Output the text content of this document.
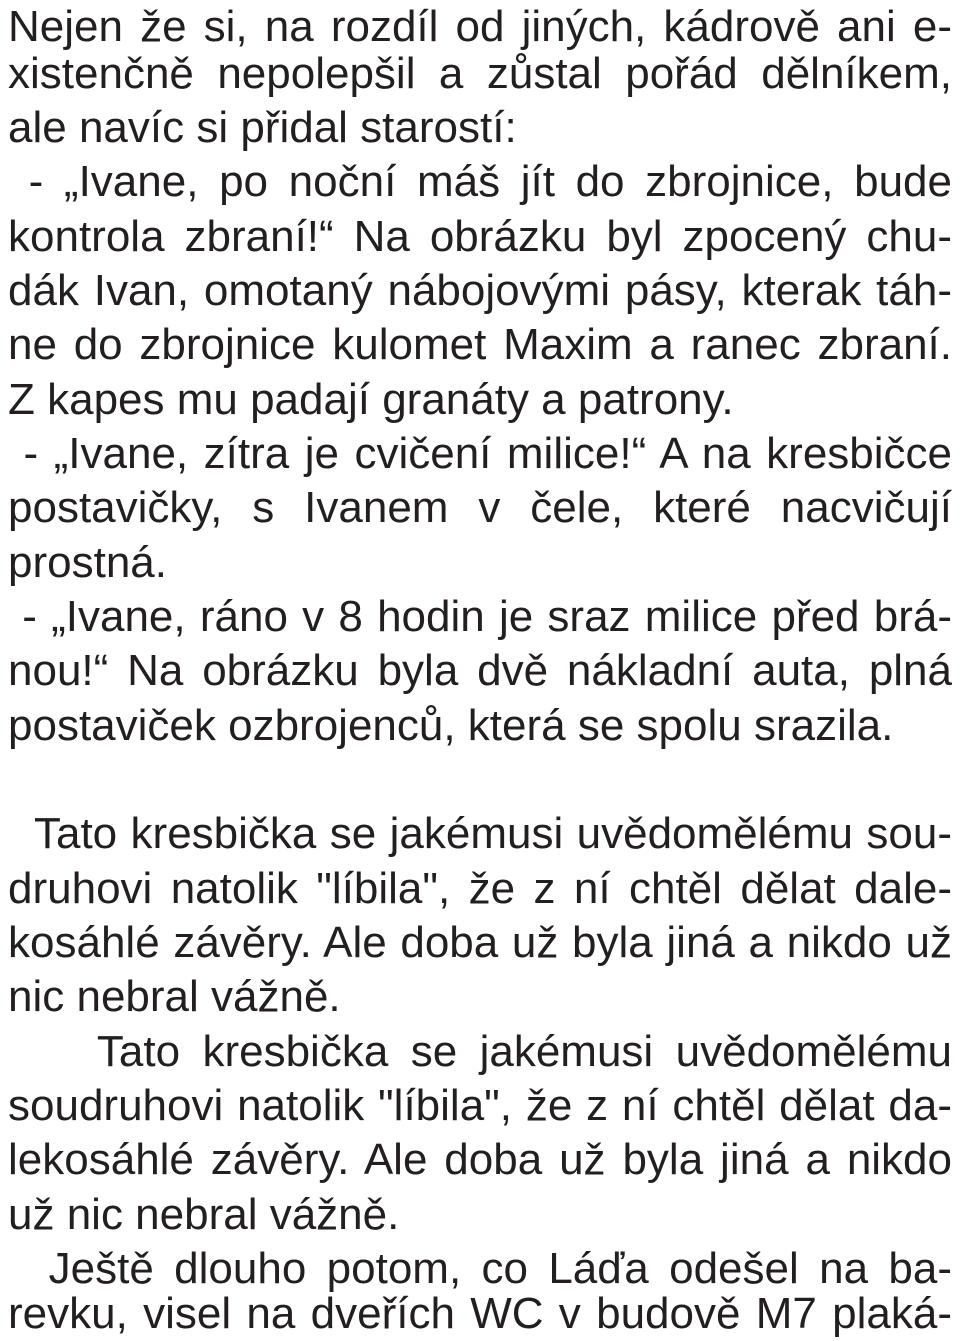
Nejen že si, na rozdíl od jiných, kádrově ani e-
xistenčně nepolepšil a zůstal pořád dělníkem,
ale navíc si přidal starostí:
- „Ivane, po noční máš jít do zbrojnice, bude
kontrola zbraní!“ Na obrázku byl zpocený chu-
dák Ivan, omotaný nábojovými pásy, kterak táh-
ne do zbrojnice kulomet Maxim a ranec zbraní.
Z kapes mu padají granáty a patrony.
- „Ivane, zítra je cvičení milice!“ A na kresbičce
postavičky, s Ivanem v čele, které nacvičují
prostná.
- „Ivane, ráno v 8 hodin je sraz milice před brá-
nou!“ Na obrázku byla dvě nákladní auta, plná
postaviček ozbrojenců, která se spolu srazila.
Tato kresbička se jakémusi uvědomělému sou-
druhovi natolik "líbila", že z ní chtěl dělat dale-
kosáhlé závěry. Ale doba už byla jiná a nikdo už
nic nebral vážně.
Tato kresbička se jakémusi uvědomělému
soudruhovi natolik "líbila", že z ní chtěl dělat da-
lekosáhlé závěry. Ale doba už byla jiná a nikdo
už nic nebral vážně.
Ještě dlouho potom, co Láďa odešel na ba-
revku, visel na dveřích WC v budově M7 plaká-
